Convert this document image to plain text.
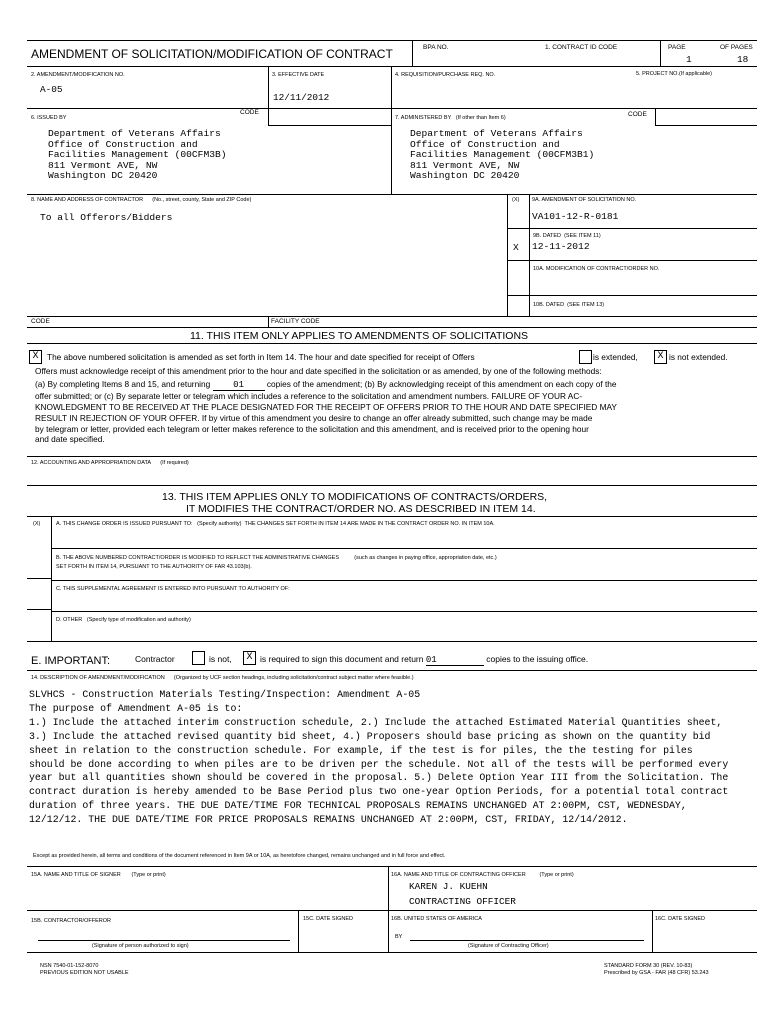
AMENDMENT OF SOLICITATION/MODIFICATION OF CONTRACT	BPA NO.	1. CONTRACT ID CODE	PAGE	OF PAGES
1	18
2. AMENDMENT/MODIFICATION NO.
A-05
3. EFFECTIVE DATE
12/11/2012
4. REQUISITION/PURCHASE REQ. NO.	5. PROJECT NO.(If applicable)
6. ISSUED BY
CODE
7. ADMINISTERED BY (If other than Item 6)	CODE
Department of Veterans Affairs
Office of Construction and
Facilities Management (00CFM3B)
811 Vermont AVE, NW
Washington DC 20420
Department of Veterans Affairs
Office of Construction and
Facilities Management (00CFM3B1)
811 Vermont AVE, NW
Washington DC 20420
8. NAME AND ADDRESS OF CONTRACTOR (No., street, county, State and ZIP Code)
To all Offerors/Bidders
(X) 9A. AMENDMENT OF SOLICITATION NO.
VA101-12-R-0181
9B. DATED (SEE ITEM 11)
X 12-11-2012
10A. MODIFICATION OF CONTRACT/ORDER NO.
10B. DATED (SEE ITEM 13)
CODE	FACILITY CODE
11. THIS ITEM ONLY APPLIES TO AMENDMENTS OF SOLICITATIONS
X	The above numbered solicitation is amended as set forth in Item 14. The hour and date specified for receipt of Offers	is extended,	X is not extended.
Offers must acknowledge receipt of this amendment prior to the hour and date specified in the solicitation or as amended, by one of the following methods:
(a) By completing Items 8 and 15, and returning	01	copies of the amendment; (b) By acknowledging receipt of this amendment on each copy of the
offer submitted; or (c) By separate letter or telegram which includes a reference to the solicitation and amendment numbers. FAILURE OF YOUR AC-
KNOWLEDGMENT TO BE RECEIVED AT THE PLACE DESIGNATED FOR THE RECEIPT OF OFFERS PRIOR TO THE HOUR AND DATE SPECIFIED MAY
RESULT IN REJECTION OF YOUR OFFER. If by virtue of this amendment you desire to change an offer already submitted, such change may be made
by telegram or letter, provided each telegram or letter makes reference to the solicitation and this amendment, and is received prior to the opening hour
and date specified.
12. ACCOUNTING AND APPROPRIATION DATA (If required)
13. THIS ITEM APPLIES ONLY TO MODIFICATIONS OF CONTRACTS/ORDERS,
IT MODIFIES THE CONTRACT/ORDER NO. AS DESCRIBED IN ITEM 14.
(X)	A. THIS CHANGE ORDER IS ISSUED PURSUANT TO: (Specify authority) THE CHANGES SET FORTH IN ITEM 14 ARE MADE IN THE CONTRACT ORDER NO. IN ITEM 10A.
B. THE ABOVE NUMBERED CONTRACT/ORDER IS MODIFIED TO REFLECT THE ADMINISTRATIVE CHANGES	(such as changes in paying office, appropriation date, etc.)
SET FORTH IN ITEM 14, PURSUANT TO THE AUTHORITY OF FAR 43.103(b).
C. THIS SUPPLEMENTAL AGREEMENT IS ENTERED INTO PURSUANT TO AUTHORITY OF:
D. OTHER (Specify type of modification and authority)
E. IMPORTANT:	Contractor	is not,	X is required to sign this document and return 01	copies to the issuing office.
14. DESCRIPTION OF AMENDMENT/MODIFICATION (Organized by UCF section headings, including solicitation/contract subject matter where feasible.)
SLVHCS - Construction Materials Testing/Inspection: Amendment A-05
The purpose of Amendment A-05 is to:
1.) Include the attached interim construction schedule, 2.) Include the attached Estimated Material Quantities sheet,
3.) Include the attached revised quantity bid sheet, 4.) Proposers should base pricing as shown on the quantity bid
sheet in relation to the construction schedule. For example, if the test is for piles, the the testing for piles
should be done according to when piles are to be driven per the schedule. Not all of the tests will be performed every
year but all quantities shown should be covered in the proposal. 5.) Delete Option Year III from the Solicitation. The
contract duration is hereby amended to be Base Period plus two one-year Option Periods, for a potential total contract
duration of three years. THE DUE DATE/TIME FOR TECHNICAL PROPOSALS REMAINS UNCHANGED AT 2:00PM, CST, WEDNESDAY,
12/12/12. THE DUE DATE/TIME FOR PRICE PROPOSALS REMAINS UNCHANGED AT 2:00PM, CST, FRIDAY, 12/14/2012.
Except as provided herein, all terms and conditions of the document referenced in Item 9A or 10A, as heretofore changed, remains unchanged and in full force and effect.
15A. NAME AND TITLE OF SIGNER (Type or print)	16A. NAME AND TITLE OF CONTRACTING OFFICER	(Type or print)
KAREN J. KUEHN
CONTRACTING OFFICER
15B. CONTRACTOR/OFFEROR	15C. DATE SIGNED	16B. UNITED STATES OF AMERICA	16C. DATE SIGNED
BY
(Signature of person authorized to sign)	(Signature of Contracting Officer)
NSN 7540-01-152-8070
PREVIOUS EDITION NOT USABLE
STANDARD FORM 30 (REV. 10-83)
Prescribed by GSA - FAR (48 CFR) 53.243
